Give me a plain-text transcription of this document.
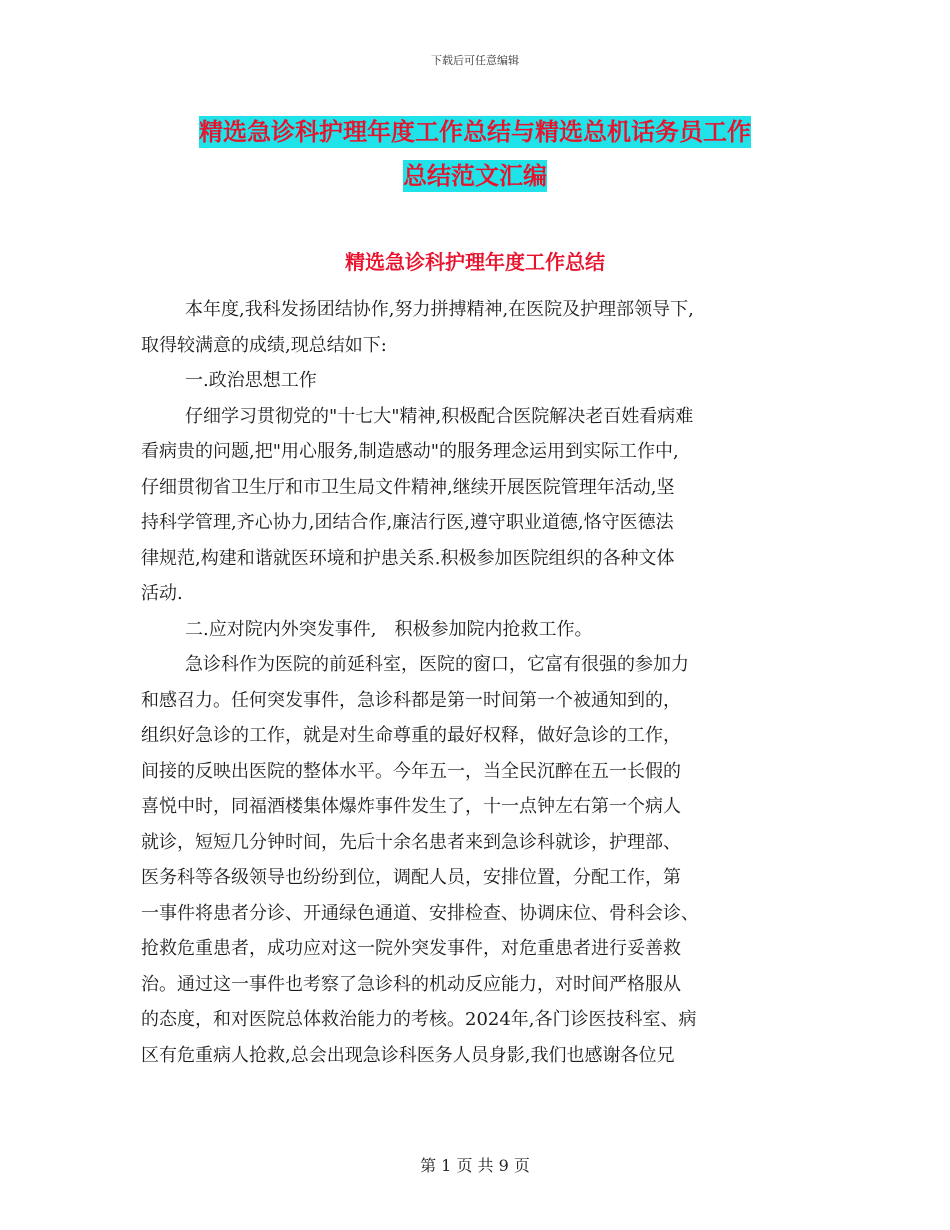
下载后可任意编辑
精选急诊科护理年度工作总结与精选总机话务员工作
总结范文汇编
精选急诊科护理年度工作总结
本年度,我科发扬团结协作,努力拼搏精神,在医院及护理部领导下,
取得较满意的成绩,现总结如下:
一.政治思想工作
仔细学习贯彻党的"十七大"精神,积极配合医院解决老百姓看病难
看病贵的问题,把"用心服务,制造感动"的服务理念运用到实际工作中,
仔细贯彻省卫生厅和市卫生局文件精神,继续开展医院管理年活动,坚
持科学管理,齐心协力,团结合作,廉洁行医,遵守职业道德,恪守医德法
律规范,构建和谐就医环境和护患关系.积极参加医院组织的各种文体
活动.
二.应对院内外突发事件,　积极参加院内抢救工作。
急诊科作为医院的前延科室，医院的窗口，它富有很强的参加力
和感召力。任何突发事件，急诊科都是第一时间第一个被通知到的，
组织好急诊的工作，就是对生命尊重的最好权释，做好急诊的工作，
间接的反映出医院的整体水平。今年五一，当全民沉醉在五一长假的
喜悦中时，同福酒楼集体爆炸事件发生了，十一点钟左右第一个病人
就诊，短短几分钟时间，先后十余名患者来到急诊科就诊，护理部、
医务科等各级领导也纷纷到位，调配人员，安排位置，分配工作，第
一事件将患者分诊、开通绿色通道、安排检查、协调床位、骨科会诊、
抢救危重患者，成功应对这一院外突发事件，对危重患者进行妥善救
治。通过这一事件也考察了急诊科的机动反应能力，对时间严格服从
的态度，和对医院总体救治能力的考核。2024年,各门诊医技科室、病
区有危重病人抢救,总会出现急诊科医务人员身影,我们也感谢各位兄
第 1 页 共 9 页
